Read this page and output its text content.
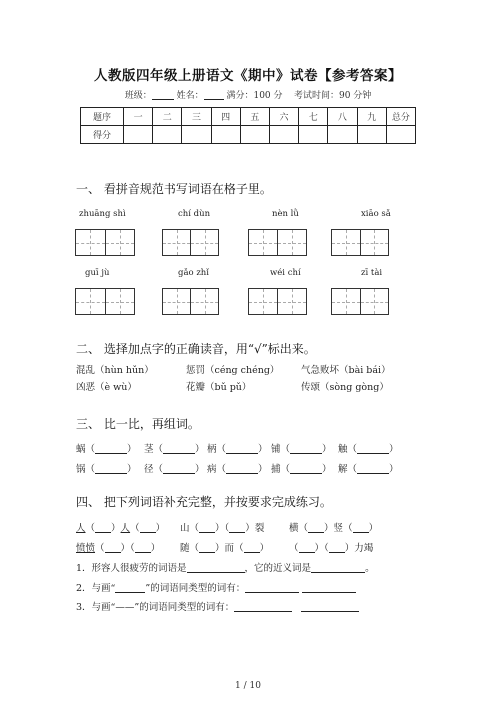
人教版四年级上册语文《期中》试卷【参考答案】
班级：	姓名：	满分：100 分 考试时间：90 分钟
题序	一	二	三	四	五	六	七	八	九	总分
得分										
一、 看拼音规范书写词语在格子里。
zhuāng shì	chí dùn	nèn lǜ	xiāo sǎ
guī jù	gǎo zhǐ	wéi chí	zī tài
二、 选择加点字的正确读音，用“√”标出来。
混乱（hùn hǔn）	惩罚（céng chéng） 气急败坏（bài bái）
凶恶（è wù）	花瓣（bǔ pǔ）	传颂（sòng gòng）
三、 比一比，再组词。
蜗（	） 茎（	） 柄（	） 铺（	） 触（	）
锅（	） 径（	） 病（	） 捕（	） 解（	）
四、 把下列词语补充完整，并按要求完成练习。
人（ ）人（ ） 山（ ）（ ）裂	横（ ）竖（ ）
愤愤（ ）（ ） 随（ ）而（ ） （ ）（ ）力竭
1．形容人很疲劳的词语是	，它的近义词是	。
2．与画“	”的词语同类型的词有：
3．与画“——”的词语同类型的词有：
1 / 10
